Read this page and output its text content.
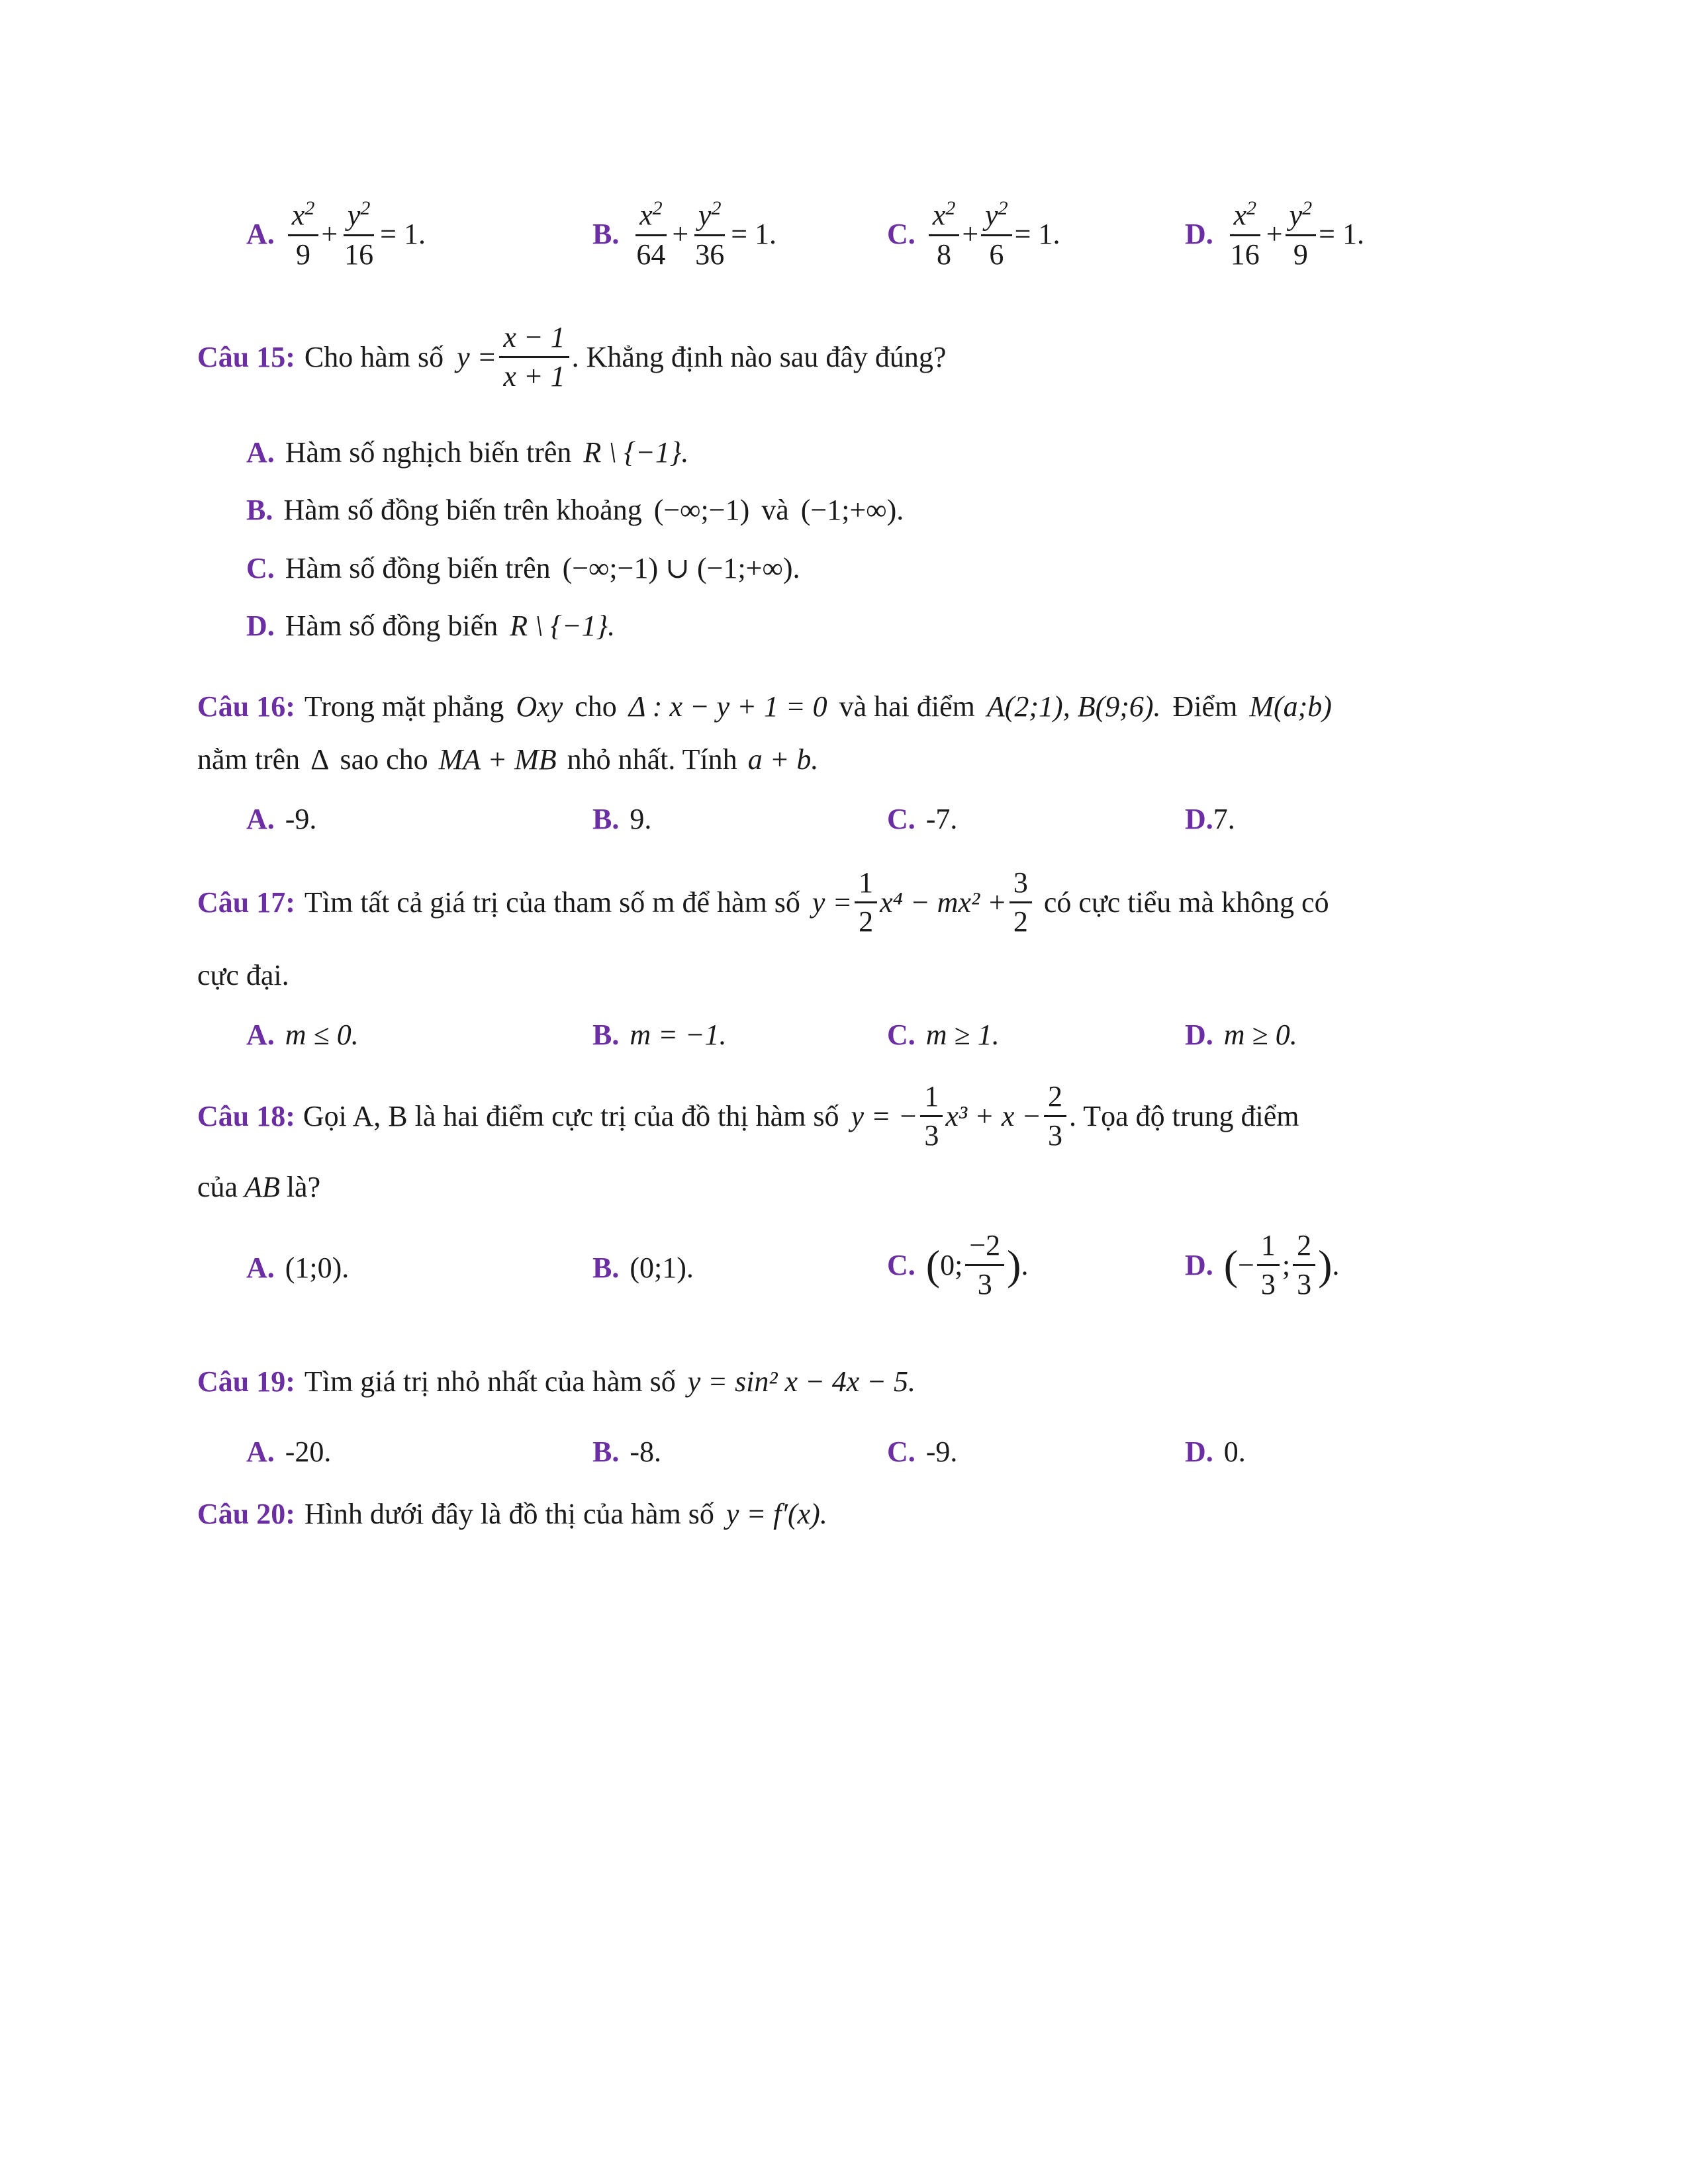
A. $\frac{x^2}{9} + \frac{y^2}{16} = 1$.	B. $\frac{x^2}{64} + \frac{y^2}{36} = 1$.	C. $\frac{x^2}{8} + \frac{y^2}{6} = 1$.	D. $\frac{x^2}{16} + \frac{y^2}{9} = 1$.
Câu 15: Cho hàm số $y = \frac{x - 1}{x + 1}$ . Khẳng định nào sau đây đúng?
A. Hàm số nghịch biến trên R \ {−1}.
B. Hàm số đồng biến trên khoảng (−∞;−1) và (−1;+∞).
C. Hàm số đồng biến trên (−∞;−1) ∪ (−1;+∞).
D. Hàm số đồng biến R \ {−1}.
Câu 16: Trong mặt phẳng Oxy cho Δ : x − y + 1 = 0 và hai điểm A(2;1), B(9;6). Điểm M(a;b)
nằm trên Δ sao cho MA + MB nhỏ nhất. Tính a + b.
A. -9.	B. 9.	C. -7.	D. 7.
Câu 17: Tìm tất cả giá trị của tham số m để hàm số $y = \frac{1}{2} x^4 - mx^2 + \frac{3}{2}$ có cực tiểu mà không có
cực đại.
A. m ≤ 0.	B. m = −1.	C. m ≥ 1.	D. m ≥ 0.
Câu 18 : Gọi A, B là hai điểm cực trị của đồ thị hàm số y = − $\frac{1}{3} x^3 + x - \frac{2}{3}$ . Tọa độ trung điểm
của AB là?
A. (1;0).	B. (0;1).	C. ( 0; $\frac{-2}{3}$ ) .	D. ( − $\frac{1}{3}$ ; $\frac{2}{3}$ ) .
Câu 19: Tìm giá trị nhỏ nhất của hàm số y = sin² x − 4x − 5.
A. -20.	B. -8.	C. -9.	D. 0.
Câu 20: Hình dưới đây là đồ thị của hàm số y = f′(x).
